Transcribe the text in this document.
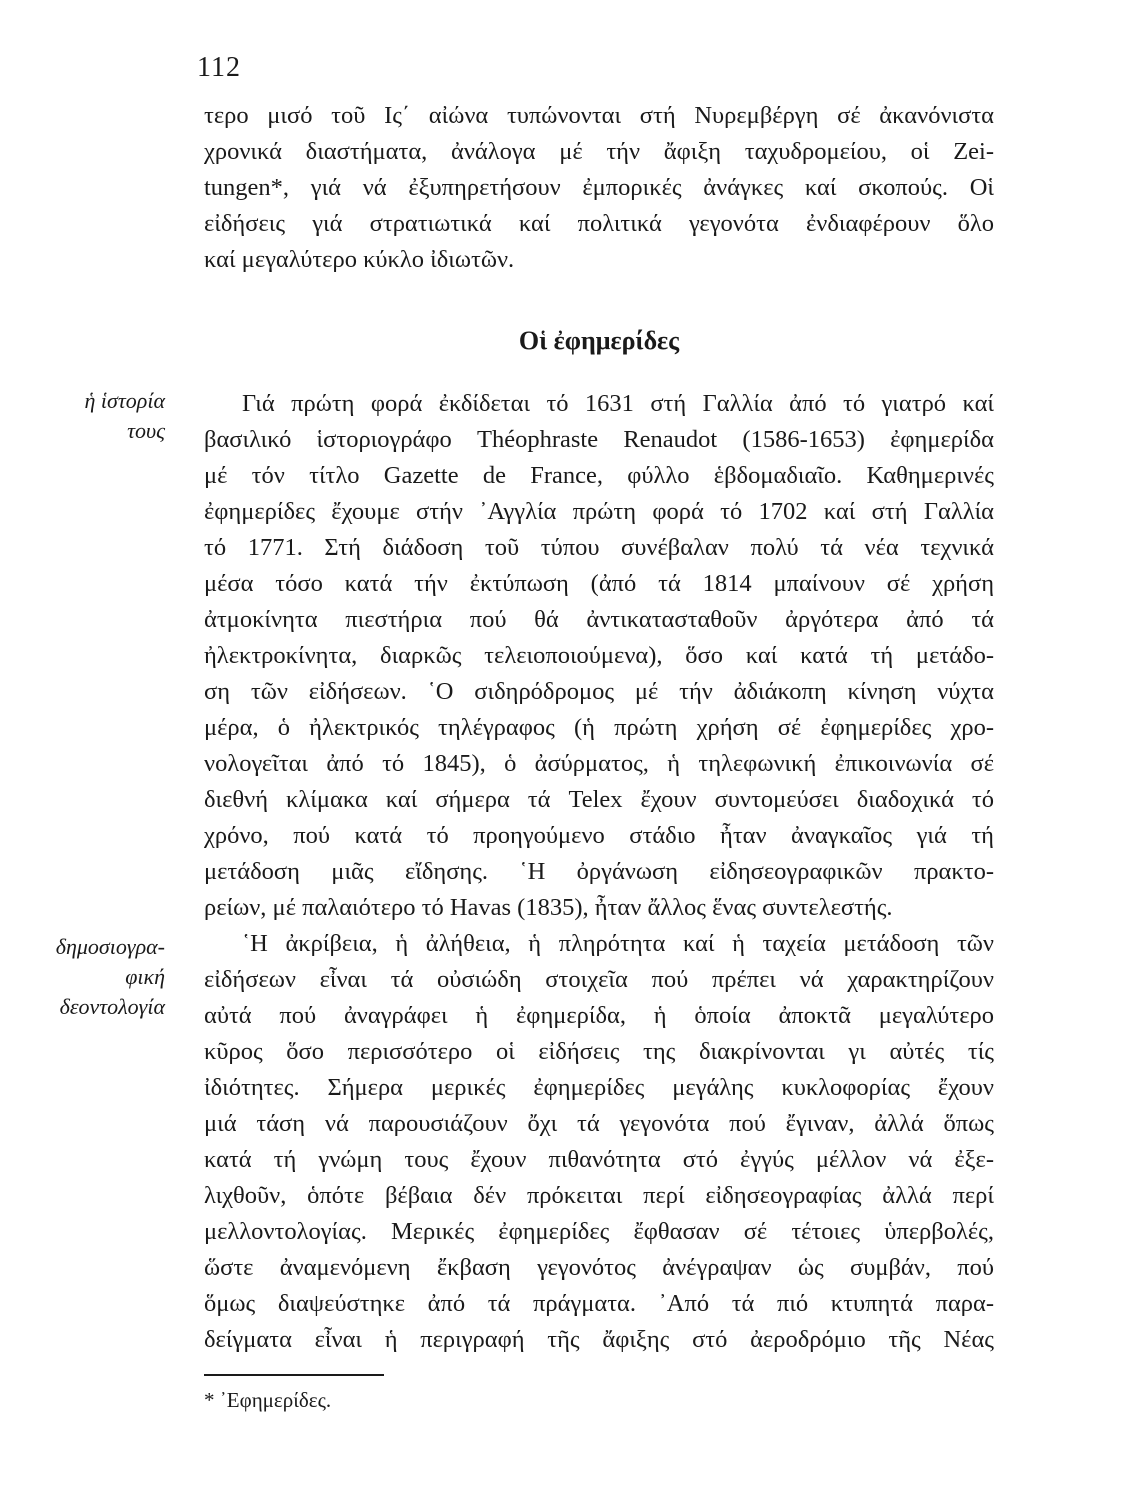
112
τερο μισό τοῦ Ις΄ αἰώνα τυπώνονται στή Νυρεμβέργη σέ ἀκανόνιστα
χρονικά διαστήματα, ἀνάλογα μέ τήν ἄφιξη ταχυδρομείου, οἱ Zei-
tungen*, γιά νά ἐξυπηρετήσουν ἐμπορικές ἀνάγκες καί σκοπούς. Οἱ
εἰδήσεις γιά στρατιωτικά καί πολιτικά γεγονότα ἐνδιαφέρουν ὅλο
καί μεγαλύτερο κύκλο ἰδιωτῶν.
Οἱ ἐφημερίδες
ἡ ἱστορία
τους
Γιά πρώτη φορά ἐκδίδεται τό 1631 στή Γαλλία ἀπό τό γιατρό καί
βασιλικό ἱστοριογράφο Théophraste Renaudot (1586-1653) ἐφημερίδα
μέ τόν τίτλο Gazette de France, φύλλο ἑβδομαδιαῖο. Καθημερινές
ἐφημερίδες ἔχουμε στήν ᾿Αγγλία πρώτη φορά τό 1702 καί στή Γαλλία
τό 1771. Στή διάδοση τοῦ τύπου συνέβαλαν πολύ τά νέα τεχνικά
μέσα τόσο κατά τήν ἐκτύπωση (ἀπό τά 1814 μπαίνουν σέ χρήση
ἀτμοκίνητα πιεστήρια πού θά ἀντικατασταθοῦν ἀργότερα ἀπό τά
ἠλεκτροκίνητα, διαρκῶς τελειοποιούμενα), ὅσο καί κατά τή μετάδο-
ση τῶν εἰδήσεων. ῾Ο σιδηρόδρομος μέ τήν ἀδιάκοπη κίνηση νύχτα
μέρα, ὁ ἠλεκτρικός τηλέγραφος (ἡ πρώτη χρήση σέ ἐφημερίδες χρο-
νολογεῖται ἀπό τό 1845), ὁ ἀσύρματος, ἡ τηλεφωνική ἐπικοινωνία σέ
διεθνή κλίμακα καί σήμερα τά Telex ἔχουν συντομεύσει διαδοχικά τό
χρόνο, πού κατά τό προηγούμενο στάδιο ἦταν ἀναγκαῖος γιά τή
μετάδοση μιᾶς εἴδησης. ῾Η ὀργάνωση εἰδησεογραφικῶν πρακτο-
ρείων, μέ παλαιότερο τό Havas (1835), ἦταν ἄλλος ἕνας συντελεστής.
δημοσιογρα-
φική
δεοντολογία
῾Η ἀκρίβεια, ἡ ἀλήθεια, ἡ πληρότητα καί ἡ ταχεία μετάδοση τῶν
εἰδήσεων εἶναι τά οὐσιώδη στοιχεῖα πού πρέπει νά χαρακτηρίζουν
αὐτά πού ἀναγράφει ἡ ἐφημερίδα, ἡ ὁποία ἀποκτᾶ μεγαλύτερο
κῦρος ὅσο περισσότερο οἱ εἰδήσεις της διακρίνονται γι αὐτές τίς
ἰδιότητες. Σήμερα μερικές ἐφημερίδες μεγάλης κυκλοφορίας ἔχουν
μιά τάση νά παρουσιάζουν ὄχι τά γεγονότα πού ἔγιναν, ἀλλά ὅπως
κατά τή γνώμη τους ἔχουν πιθανότητα στό ἐγγύς μέλλον νά ἐξε-
λιχθοῦν, ὁπότε βέβαια δέν πρόκειται περί εἰδησεογραφίας ἀλλά περί
μελλοντολογίας. Μερικές ἐφημερίδες ἔφθασαν σέ τέτοιες ὑπερβολές,
ὥστε ἀναμενόμενη ἔκβαση γεγονότος ἀνέγραψαν ὡς συμβάν, πού
ὅμως διαψεύστηκε ἀπό τά πράγματα. ᾿Από τά πιό κτυπητά παρα-
δείγματα εἶναι ἡ περιγραφή τῆς ἄφιξης στό ἀεροδρόμιο τῆς Νέας
* ᾿Εφημερίδες.
